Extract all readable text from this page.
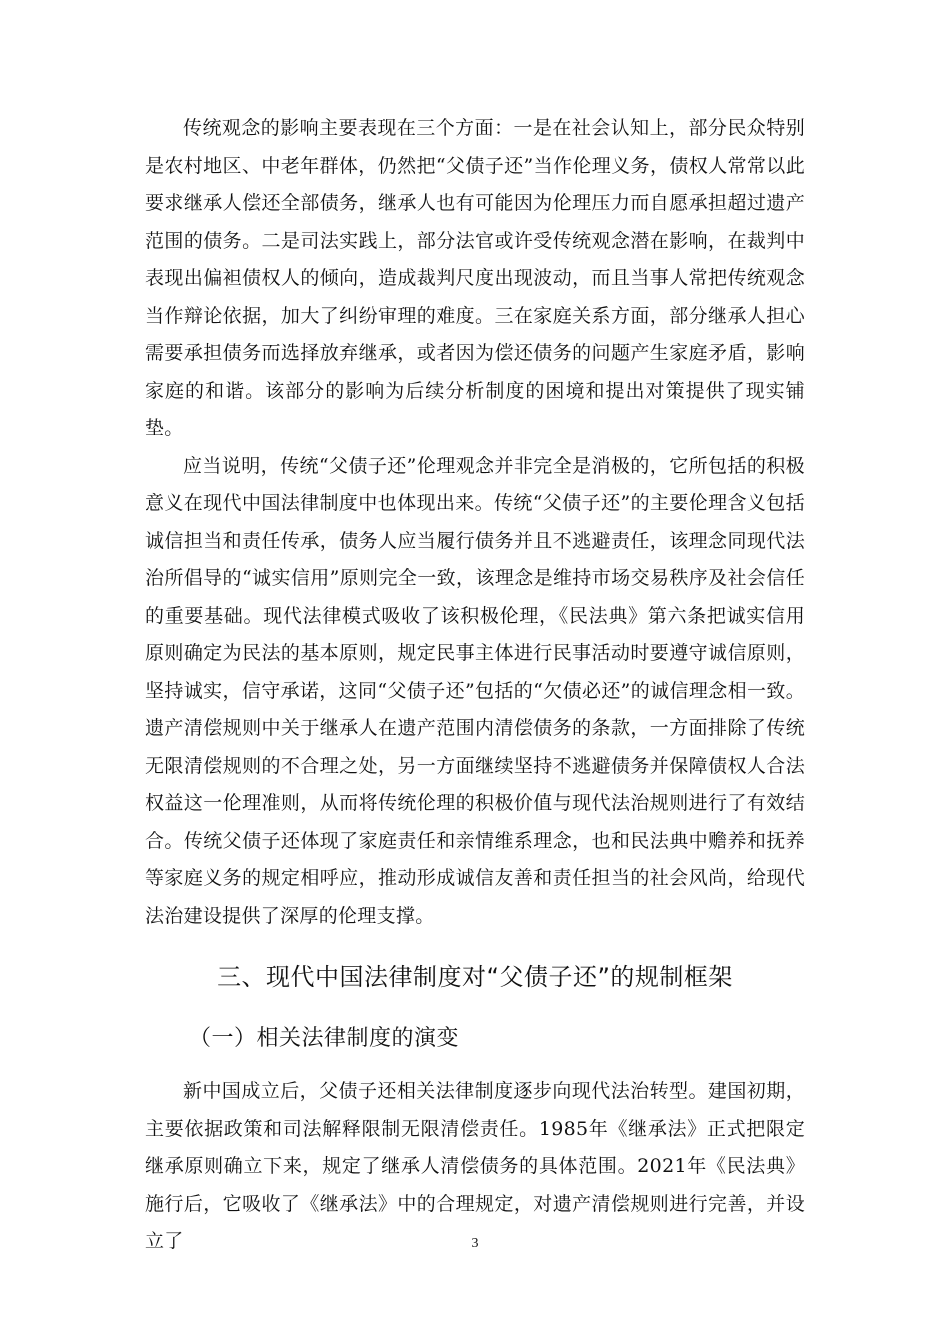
传统观念的影响主要表现在三个方面：一是在社会认知上，部分民众特别是农村地区、中老年群体，仍然把“父债子还”当作伦理义务，债权人常常以此要求继承人偿还全部债务，继承人也有可能因为伦理压力而自愿承担超过遗产范围的债务。二是司法实践上，部分法官或许受传统观念潜在影响，在裁判中表现出偏袒债权人的倾向，造成裁判尺度出现波动，而且当事人常把传统观念当作辩论依据，加大了纠纷审理的难度。三在家庭关系方面，部分继承人担心需要承担债务而选择放弃继承，或者因为偿还债务的问题产生家庭矛盾，影响家庭的和谐。该部分的影响为后续分析制度的困境和提出对策提供了现实铺垫。

应当说明，传统“父债子还”伦理观念并非完全是消极的，它所包括的积极意义在现代中国法律制度中也体现出来。传统“父债子还”的主要伦理含义包括诚信担当和责任传承，债务人应当履行债务并且不逃避责任，该理念同现代法治所倡导的“诚实信用”原则完全一致，该理念是维持市场交易秩序及社会信任的重要基础。现代法律模式吸收了该积极伦理，《民法典》第六条把诚实信用原则确定为民法的基本原则，规定民事主体进行民事活动时要遵守诚信原则，坚持诚实，信守承诺，这同“父债子还”包括的“欠债必还”的诚信理念相一致。遗产清偿规则中关于继承人在遗产范围内清偿债务的条款，一方面排除了传统无限清偿规则的不合理之处，另一方面继续坚持不逃避债务并保障债权人合法权益这一伦理准则，从而将传统伦理的积极价值与现代法治规则进行了有效结合。传统父债子还体现了家庭责任和亲情维系理念，也和民法典中赡养和抚养等家庭义务的规定相呼应，推动形成诚信友善和责任担当的社会风尚，给现代法治建设提供了深厚的伦理支撑。

三、现代中国法律制度对“父债子还”的规制框架
（一）相关法律制度的演变

新中国成立后，父债子还相关法律制度逐步向现代法治转型。建国初期，主要依据政策和司法解释限制无限清偿责任。1985年《继承法》正式把限定继承原则确立下来，规定了继承人清偿债务的具体范围。2021年《民法典》施行后，它吸收了《继承法》中的合理规定，对遗产清偿规则进行完善，并设立了	3
